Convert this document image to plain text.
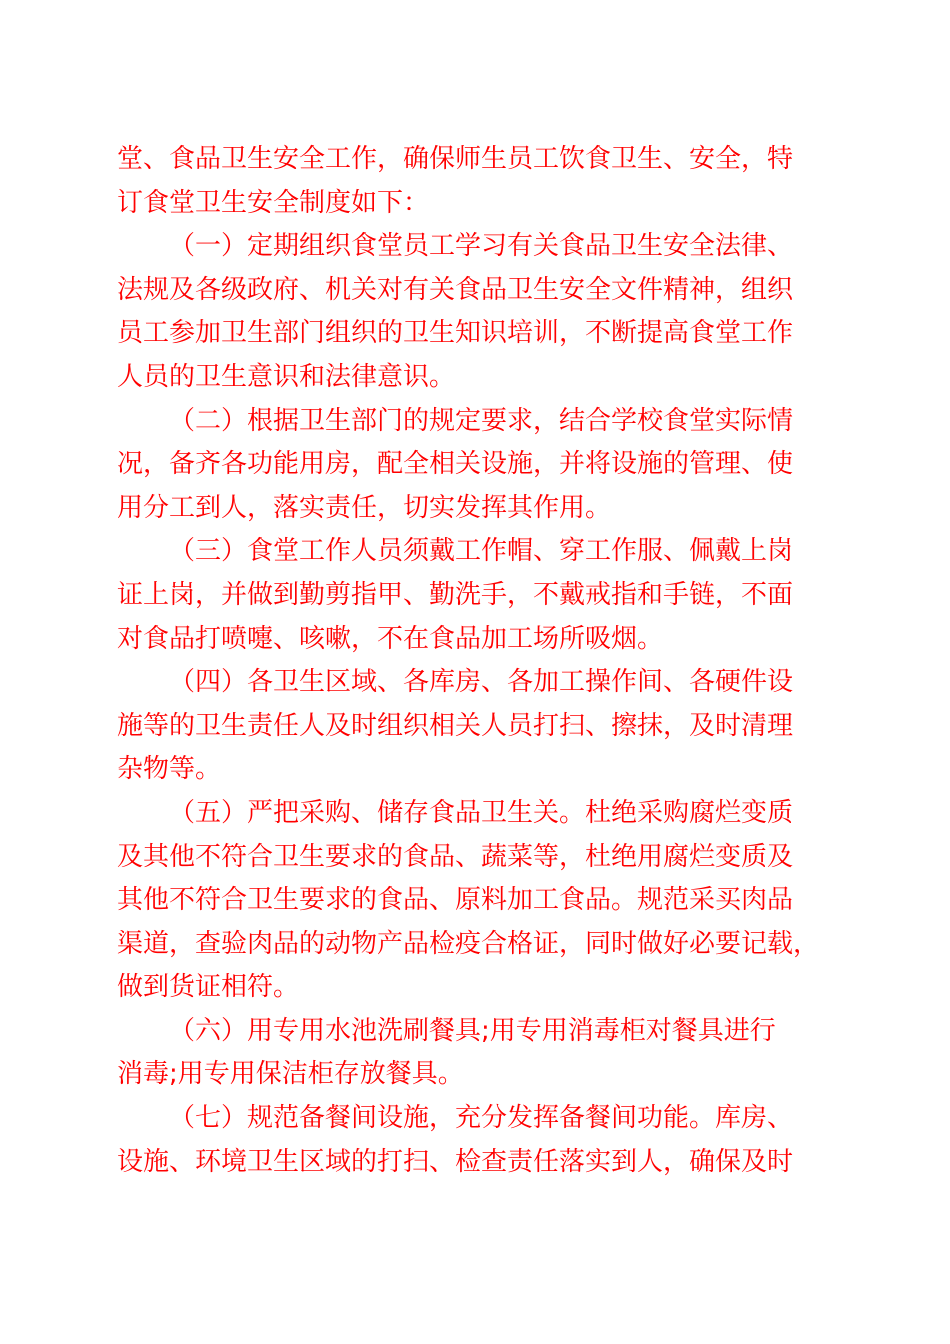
堂、食品卫生安全工作，确保师生员工饮食卫生、安全，特
订食堂卫生安全制度如下：
（一）定期组织食堂员工学习有关食品卫生安全法律、
法规及各级政府、机关对有关食品卫生安全文件精神，组织
员工参加卫生部门组织的卫生知识培训，不断提高食堂工作
人员的卫生意识和法律意识。
（二）根据卫生部门的规定要求，结合学校食堂实际情
况，备齐各功能用房，配全相关设施，并将设施的管理、使
用分工到人，落实责任，切实发挥其作用。
（三）食堂工作人员须戴工作帽、穿工作服、佩戴上岗
证上岗，并做到勤剪指甲、勤洗手，不戴戒指和手链，不面
对食品打喷嚏、咳嗽，不在食品加工场所吸烟。
（四）各卫生区域、各库房、各加工操作间、各硬件设
施等的卫生责任人及时组织相关人员打扫、擦抹，及时清理
杂物等。
（五）严把采购、储存食品卫生关。杜绝采购腐烂变质
及其他不符合卫生要求的食品、蔬菜等，杜绝用腐烂变质及
其他不符合卫生要求的食品、原料加工食品。规范采买肉品
渠道，查验肉品的动物产品检疫合格证，同时做好必要记载，
做到货证相符。
（六）用专用水池洗刷餐具;用专用消毒柜对餐具进行
消毒;用专用保洁柜存放餐具。
（七）规范备餐间设施，充分发挥备餐间功能。库房、
设施、环境卫生区域的打扫、检查责任落实到人，确保及时
